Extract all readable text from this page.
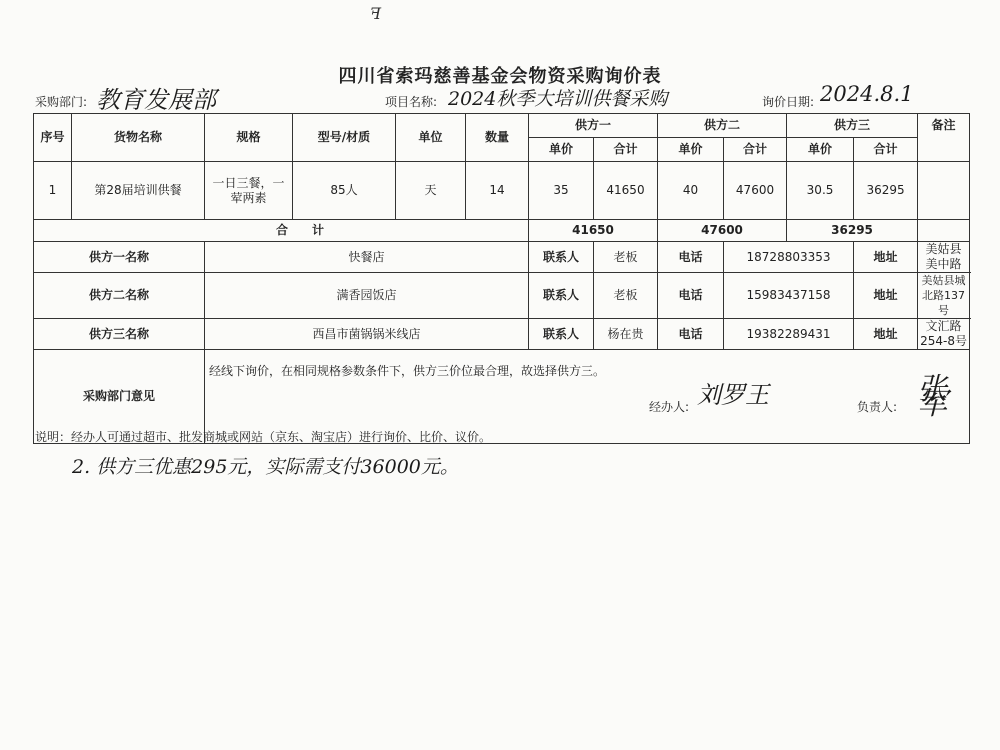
ꟻ
四川省索玛慈善基金会物资采购询价表
采购部门: 教育发展部	项目名称: 2024秋季大培训供餐采购	询价日期: 2024.8.1
序号	货物名称	规格	型号/材质	单位	数量	供方一		供方二		供方三		备注
						单价	合计	单价	合计	单价	合计	
1	第28届培训供餐	一日三餐，一荤两素	85人	天	14	35	41650	40	47600	30.5	36295	
合　　计						41650		47600		36295		
供方一名称		快餐店				联系人	老板	电话	18728803353		地址	美姑县美中路
供方二名称		满香园饭店				联系人	老板	电话	15983437158		地址	美姑县城北路137号
供方三名称		西昌市菌锅锅米线店				联系人	杨在贵	电话	19382289431		地址	文汇路254-8号
采购部门意见		经线下询价，在相同规格参数条件下，供方三价位最合理，故选择供方三。
经办人: 刘罗王 负责人: 张军										
说明：经办人可通过超市、批发商城或网站（京东、淘宝店）进行询价、比价、议价。
2. 供方三优惠295元，实际需支付36000元。
